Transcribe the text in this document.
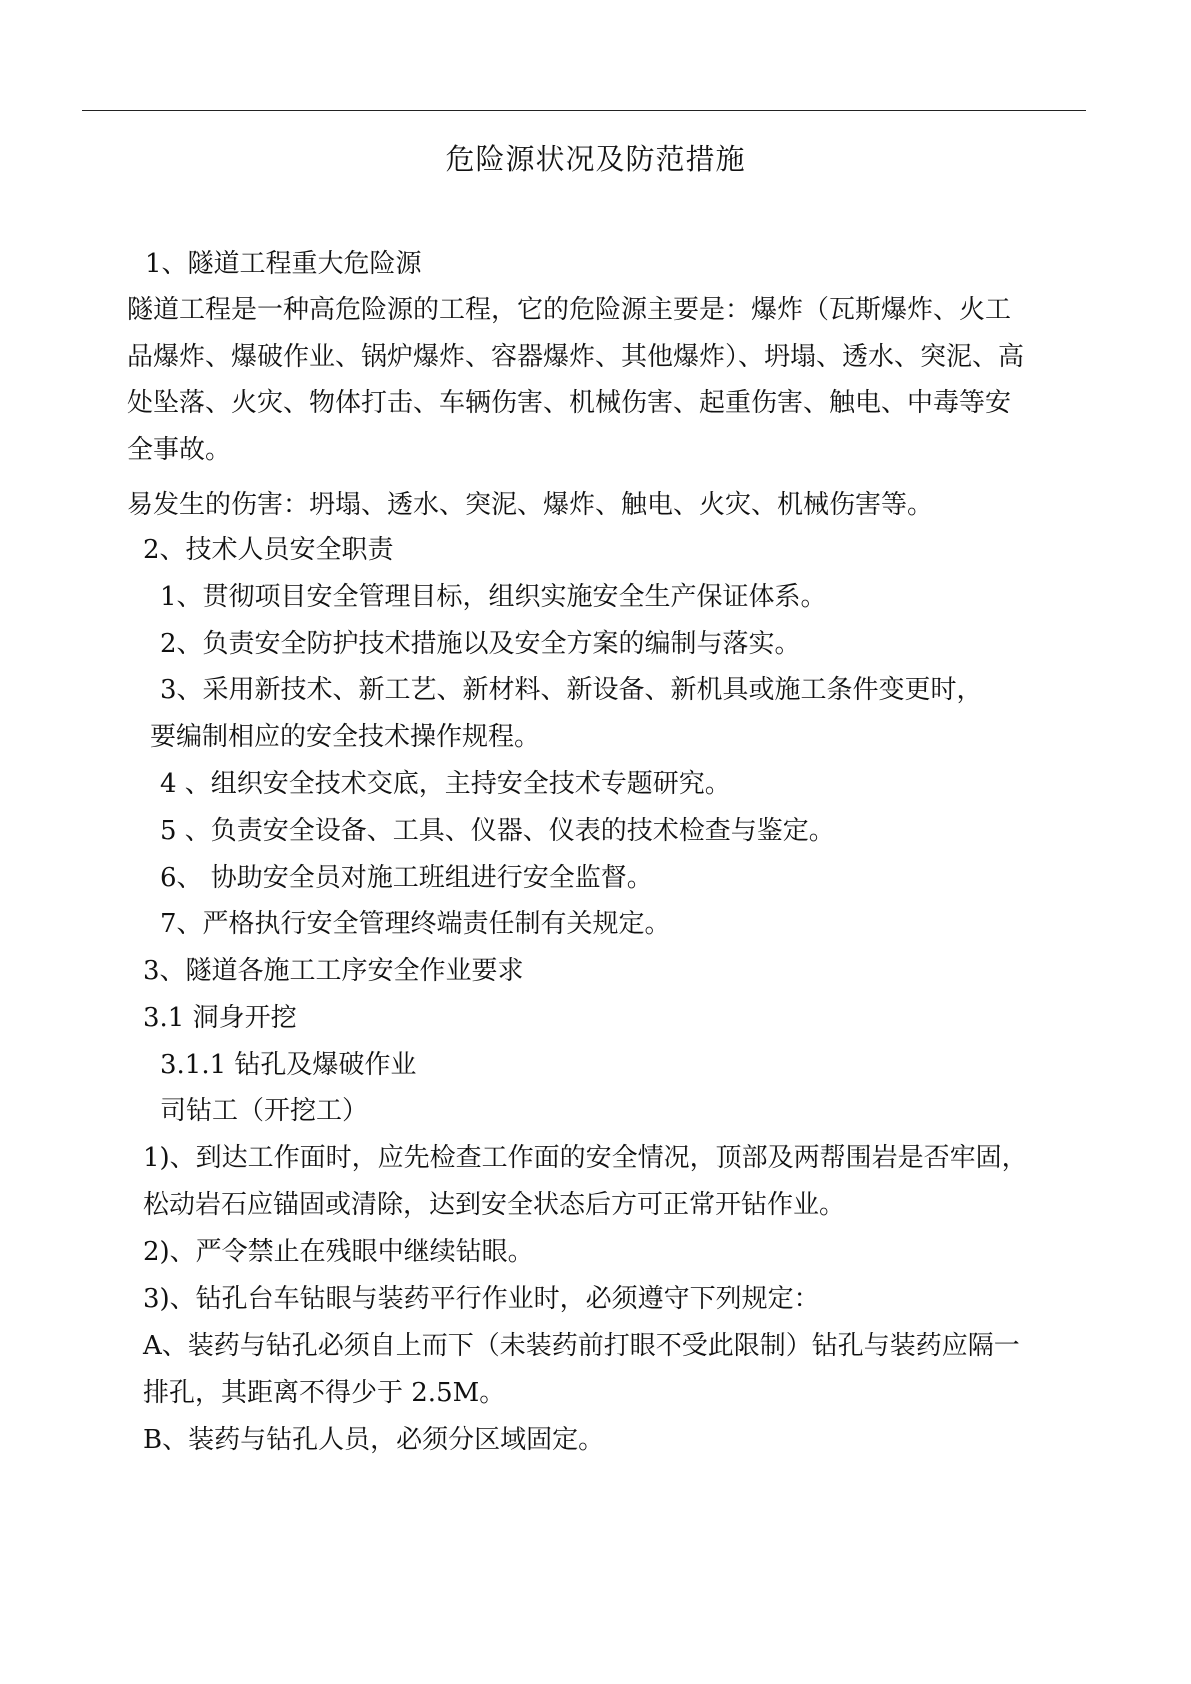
危险源状况及防范措施
1、隧道工程重大危险源
隧道工程是一种高危险源的工程，它的危险源主要是：爆炸（瓦斯爆炸、火工
品爆炸、爆破作业、锅炉爆炸、容器爆炸、其他爆炸）、坍塌、透水、突泥、高
处坠落、火灾、物体打击、车辆伤害、机械伤害、起重伤害、触电、中毒等安
全事故。
易发生的伤害：坍塌、透水、突泥、爆炸、触电、火灾、机械伤害等。
2、技术人员安全职责
1、贯彻项目安全管理目标，组织实施安全生产保证体系。
2、负责安全防护技术措施以及安全方案的编制与落实。
3、采用新技术、新工艺、新材料、新设备、新机具或施工条件变更时，
要编制相应的安全技术操作规程。
4 、组织安全技术交底，主持安全技术专题研究。
5 、负责安全设备、工具、仪器、仪表的技术检查与鉴定。
6、 协助安全员对施工班组进行安全监督。
7、严格执行安全管理终端责任制有关规定。
3、隧道各施工工序安全作业要求
3.1 洞身开挖
3.1.1 钻孔及爆破作业
司钻工（开挖工）
1)、到达工作面时，应先检查工作面的安全情况，顶部及两帮围岩是否牢固，
松动岩石应锚固或清除，达到安全状态后方可正常开钻作业。
2)、严令禁止在残眼中继续钻眼。
3)、钻孔台车钻眼与装药平行作业时，必须遵守下列规定：
A、装药与钻孔必须自上而下（未装药前打眼不受此限制）钻孔与装药应隔一
排孔，其距离不得少于 2.5M。
B、装药与钻孔人员，必须分区域固定。
